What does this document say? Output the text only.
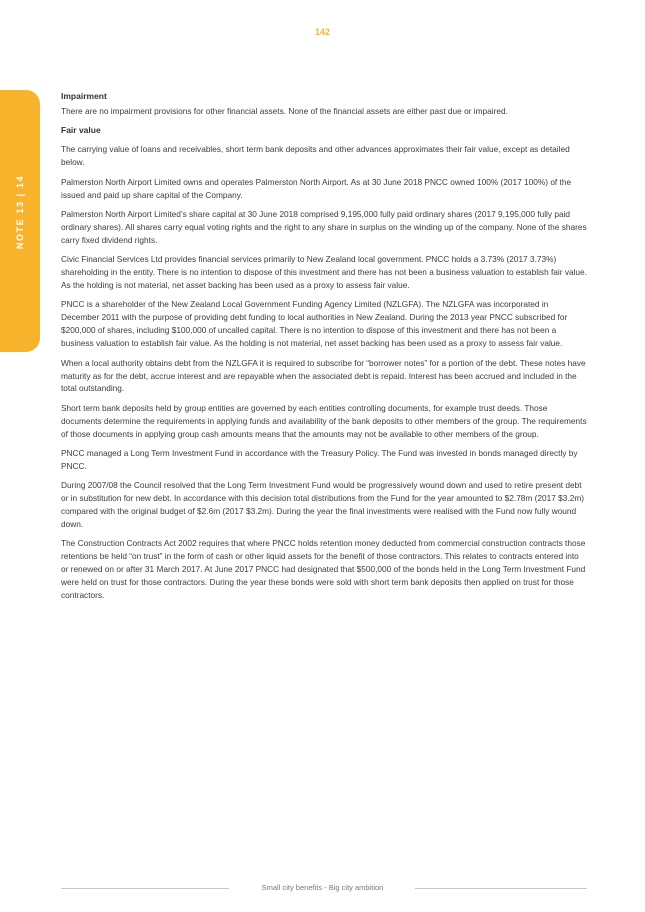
142
NOTE 13 | 14
Impairment

There are no impairment provisions for other financial assets. None of the financial assets are either past due or impaired.

Fair value

The carrying value of loans and receivables, short term bank deposits and other advances approximates their fair value, except as detailed below.

Palmerston North Airport Limited owns and operates Palmerston North Airport. As at 30 June 2018 PNCC owned 100% (2017 100%) of the issued and paid up share capital of the Company.

Palmerston North Airport Limited’s share capital at 30 June 2018 comprised 9,195,000 fully paid ordinary shares (2017 9,195,000 fully paid ordinary shares). All shares carry equal voting rights and the right to any share in surplus on the winding up of the company. None of the shares carry fixed dividend rights.

Civic Financial Services Ltd provides financial services primarily to New Zealand local government. PNCC holds a 3.73% (2017 3.73%) shareholding in the entity. There is no intention to dispose of this investment and there has not been a business valuation to establish fair value. As the holding is not material, net asset backing has been used as a proxy to assess fair value.

PNCC is a shareholder of the New Zealand Local Government Funding Agency Limited (NZLGFA). The NZLGFA was incorporated in December 2011 with the purpose of providing debt funding to local authorities in New Zealand. During the 2013 year PNCC subscribed for $200,000 of shares, including $100,000 of uncalled capital. There is no intention to dispose of this investment and there has not been a business valuation to establish fair value. As the holding is not material, net asset backing has been used as a proxy to assess fair value.

When a local authority obtains debt from the NZLGFA it is required to subscribe for “borrower notes” for a portion of the debt. These notes have maturity as for the debt, accrue interest and are repayable when the associated debt is repaid. Interest has been accrued and included in the total outstanding.

Short term bank deposits held by group entities are governed by each entities controlling documents, for example trust deeds. Those documents determine the requirements in applying funds and availability of the bank deposits to other members of the group. The requirements of those documents in applying group cash amounts means that the amounts may not be available to other members of the group.

PNCC managed a Long Term Investment Fund in accordance with the Treasury Policy. The Fund was invested in bonds managed directly by PNCC.

During 2007/08 the Council resolved that the Long Term Investment Fund would be progressively wound down and used to retire present debt or in substitution for new debt. In accordance with this decision total distributions from the Fund for the year amounted to $2.78m (2017 $3.2m) compared with the original budget of $2.6m (2017 $3.2m). During the year the final investments were realised with the Fund now fully wound down.

The Construction Contracts Act 2002 requires that where PNCC holds retention money deducted from commercial construction contracts those retentions be held “on trust” in the form of cash or other liquid assets for the benefit of those contractors. This relates to contracts entered into or renewed on or after 31 March 2017. At June 2017 PNCC had designated that $500,000 of the bonds held in the Long Term Investment Fund were held on trust for those contractors. During the year these bonds were sold with short term bank deposits then applied on trust for those contractors.

Small city benefits - Big city ambition
